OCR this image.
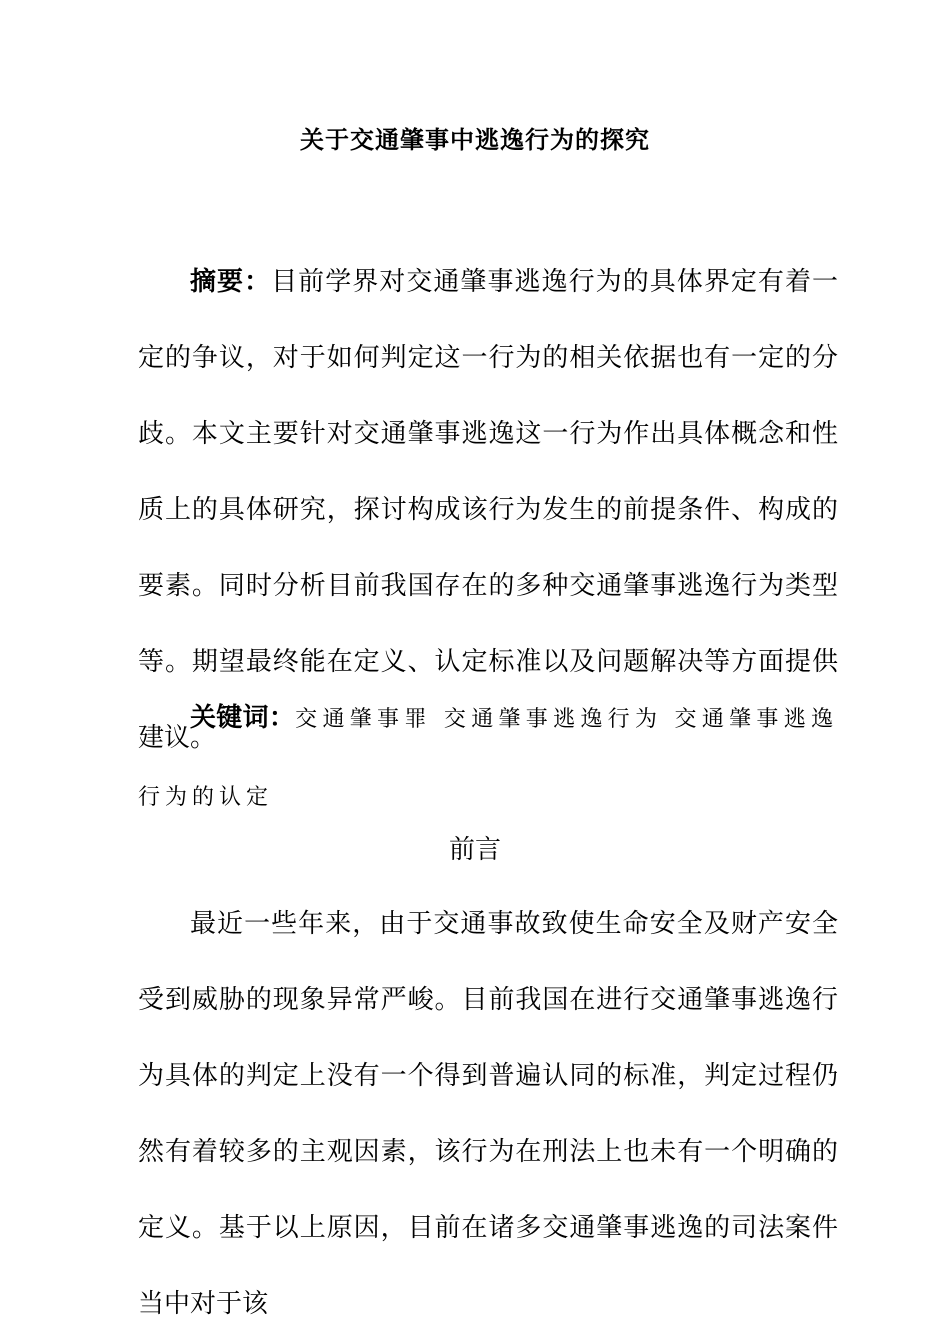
关于交通肇事中逃逸行为的探究
摘要：目前学界对交通肇事逃逸行为的具体界定有着一定的争议，对于如何判定这一行为的相关依据也有一定的分歧。本文主要针对交通肇事逃逸这一行为作出具体概念和性质上的具体研究，探讨构成该行为发生的前提条件、构成的要素。同时分析目前我国存在的多种交通肇事逃逸行为类型等。期望最终能在定义、认定标准以及问题解决等方面提供建议。
关键词：交通肇事罪 交通肇事逃逸行为 交通肇事逃逸行为的认定
前言
最近一些年来，由于交通事故致使生命安全及财产安全受到威胁的现象异常严峻。目前我国在进行交通肇事逃逸行为具体的判定上没有一个得到普遍认同的标准，判定过程仍然有着较多的主观因素，该行为在刑法上也未有一个明确的定义。基于以上原因，目前在诸多交通肇事逃逸的司法案件当中对于该
